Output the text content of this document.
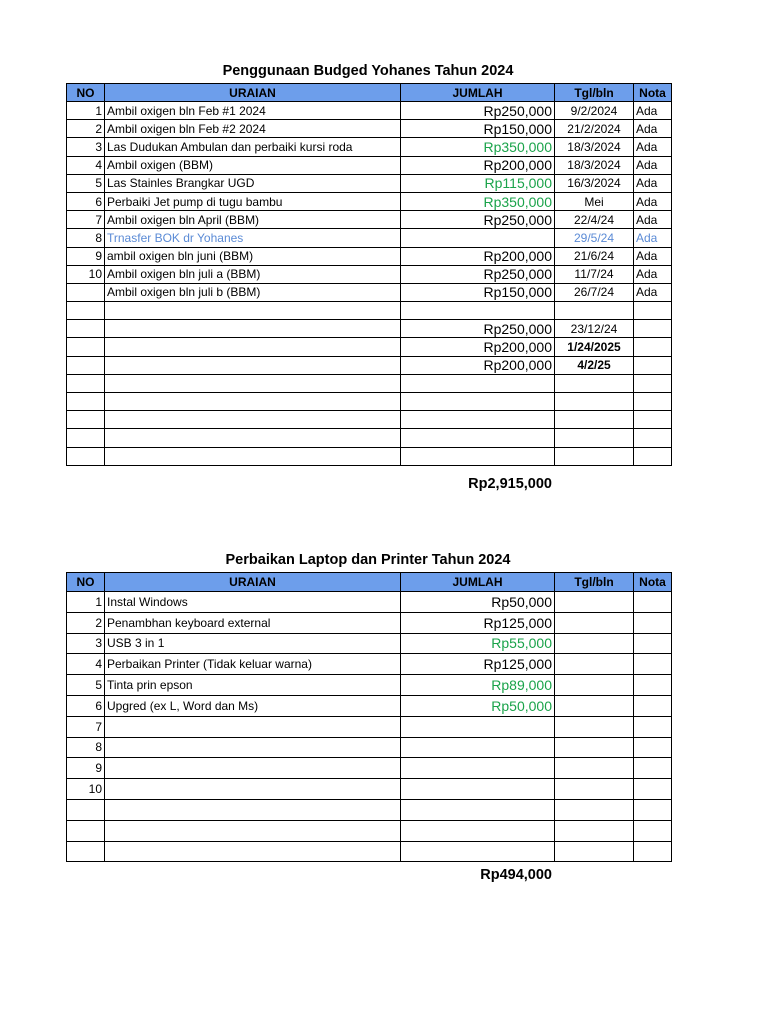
Penggunaan Budged Yohanes Tahun 2024
NO	URAIAN	JUMLAH	Tgl/bln	Nota
1	Ambil oxigen bln Feb #1 2024	Rp250,000	9/2/2024	Ada
2	Ambil oxigen bln Feb #2 2024	Rp150,000	21/2/2024	Ada
3	Las Dudukan Ambulan dan perbaiki kursi roda	Rp350,000	18/3/2024	Ada
4	Ambil oxigen (BBM)	Rp200,000	18/3/2024	Ada
5	Las Stainles Brangkar UGD	Rp115,000	16/3/2024	Ada
6	Perbaiki Jet pump di tugu bambu	Rp350,000	Mei	Ada
7	Ambil oxigen bln April (BBM)	Rp250,000	22/4/24	Ada
8	Trnasfer BOK dr Yohanes		29/5/24	Ada
9	ambil oxigen bln juni (BBM)	Rp200,000	21/6/24	Ada
10	Ambil oxigen bln juli a (BBM)	Rp250,000	11/7/24	Ada
	Ambil oxigen bln juli b (BBM)	Rp150,000	26/7/24	Ada

		Rp250,000	23/12/24	
		Rp200,000	1/24/2025	
		Rp200,000	4/2/25	

Rp2,915,000
Perbaikan Laptop dan Printer Tahun 2024
NO	URAIAN	JUMLAH	Tgl/bln	Nota
1	Instal Windows	Rp50,000		
2	Penambhan keyboard external	Rp125,000		
3	USB 3 in 1	Rp55,000		
4	Perbaikan Printer (Tidak keluar warna)	Rp125,000		
5	Tinta prin epson	Rp89,000		
6	Upgred (ex L, Word dan Ms)	Rp50,000		
7				
8				
9				
10				

Rp494,000
